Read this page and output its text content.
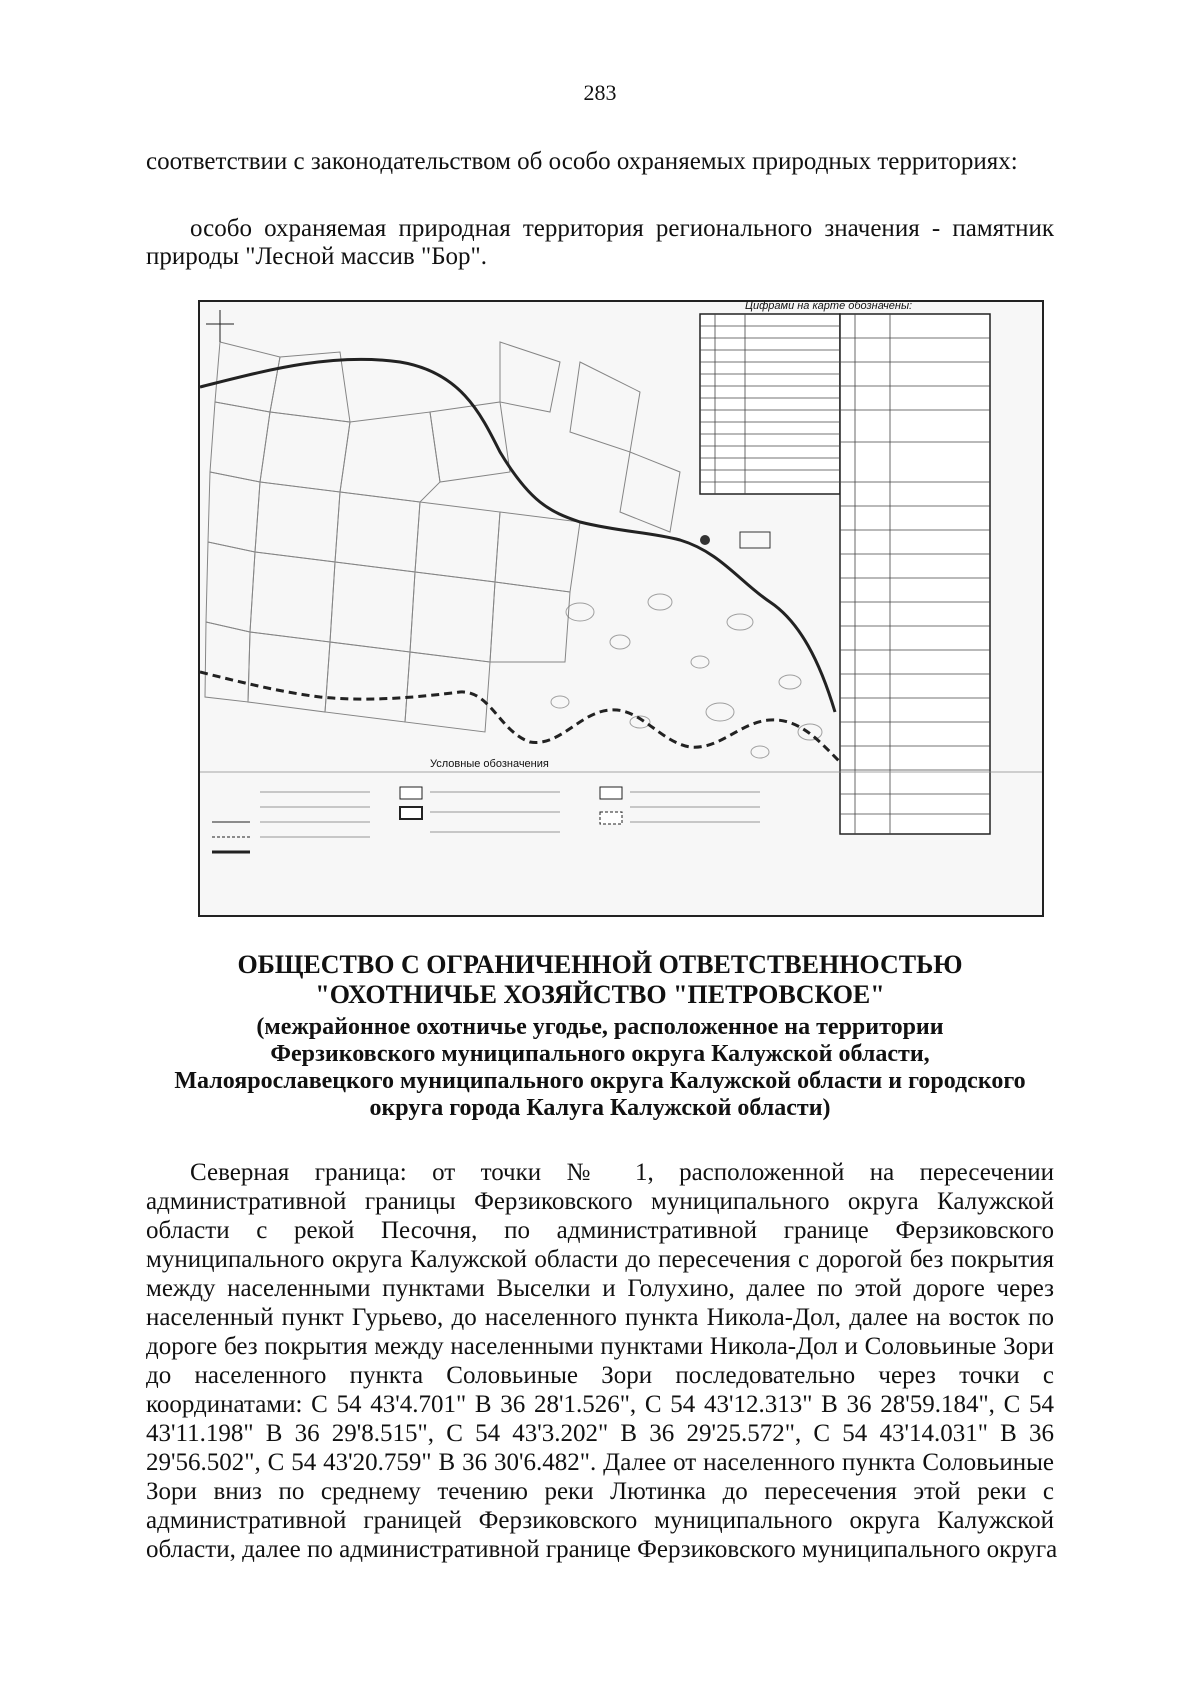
283
соответствии с законодательством об особо охраняемых природных территориях:
особо охраняемая природная территория регионального значения - памятник
природы "Лесной массив "Бор".
Цифрами на карте обозначены:
Условные обозначения
ОБЩЕСТВО С ОГРАНИЧЕННОЙ ОТВЕТСТВЕННОСТЬЮ
"ОХОТНИЧЬЕ ХОЗЯЙСТВО "ПЕТРОВСКОЕ"
(межрайонное охотничье угодье, расположенное на территории
Ферзиковского муниципального округа Калужской области,
Малоярославецкого муниципального округа Калужской области и городского
округа города Калуга Калужской области)
Северная граница: от точки № 1, расположенной на пересечении
административной границы Ферзиковского муниципального округа Калужской
области с рекой Песочня, по административной границе Ферзиковского
муниципального округа Калужской области до пересечения с дорогой без покрытия
между населенными пунктами Выселки и Голухино, далее по этой дороге через
населенный пункт Гурьево, до населенного пункта Никола-Дол, далее на восток по
дороге без покрытия между населенными пунктами Никола-Дол и Соловьиные Зори
до населенного пункта Соловьиные Зори последовательно через точки с
координатами: С 54 43'4.701" В 36 28'1.526", С 54 43'12.313" В 36 28'59.184", С 54
43'11.198" В 36 29'8.515", С 54 43'3.202" В 36 29'25.572", С 54 43'14.031" В 36
29'56.502", С 54 43'20.759" В 36 30'6.482". Далее от населенного пункта Соловьиные
Зори вниз по среднему течению реки Лютинка до пересечения этой реки с
административной границей Ферзиковского муниципального округа Калужской
области, далее по административной границе Ферзиковского муниципального округа
